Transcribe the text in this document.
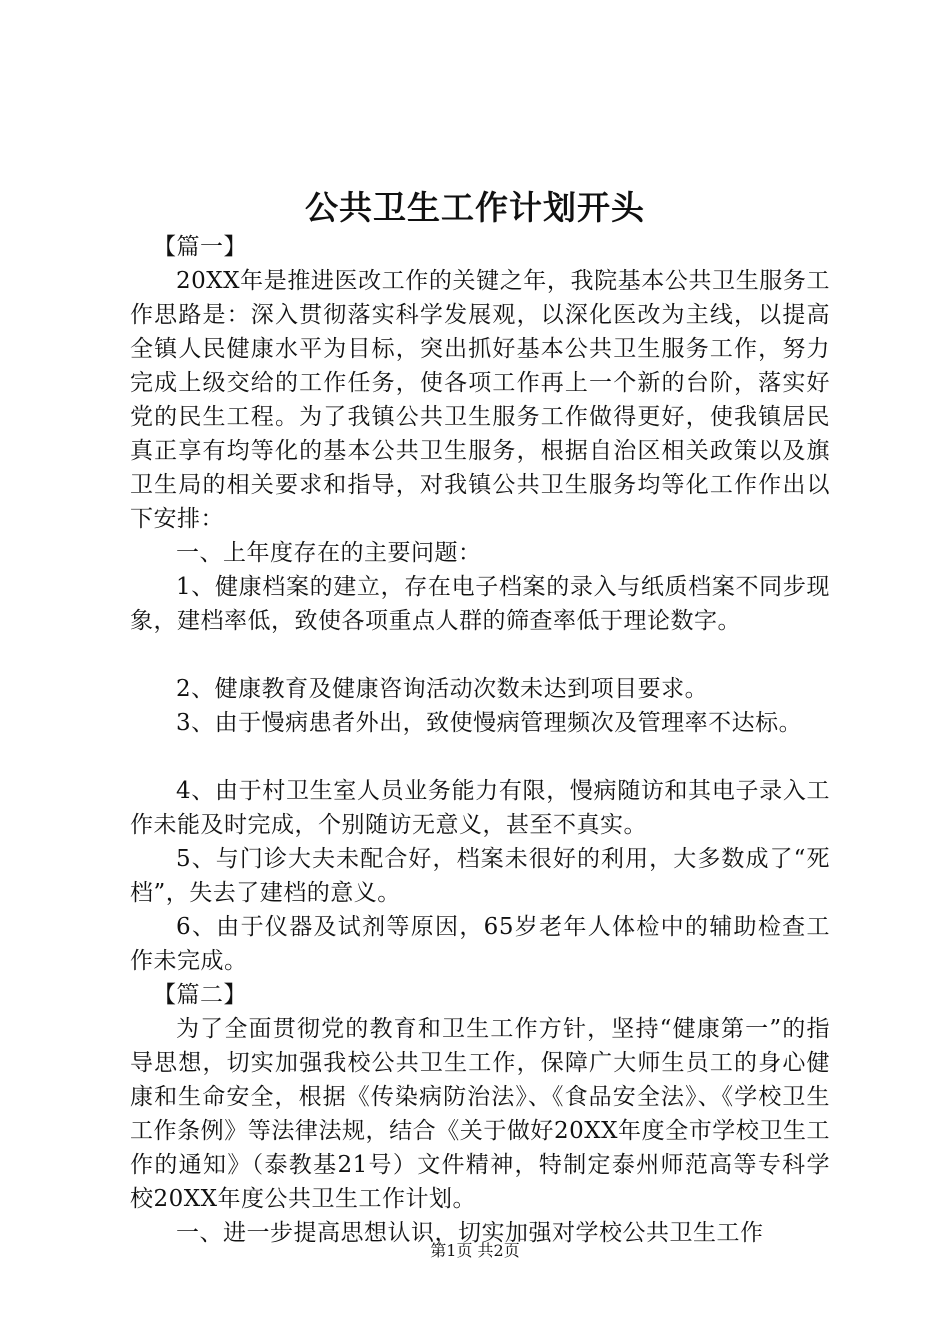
公共卫生工作计划开头

【篇一】

20XX年是推进医改工作的关键之年，我院基本公共卫生服务工作思路是：深入贯彻落实科学发展观，以深化医改为主线，以提高全镇人民健康水平为目标，突出抓好基本公共卫生服务工作，努力完成上级交给的工作任务，使各项工作再上一个新的台阶，落实好党的民生工程。为了我镇公共卫生服务工作做得更好，使我镇居民真正享有均等化的基本公共卫生服务，根据自治区相关政策以及旗卫生局的相关要求和指导，对我镇公共卫生服务均等化工作作出以下安排：

一、上年度存在的主要问题：

1、健康档案的建立，存在电子档案的录入与纸质档案不同步现象，建档率低，致使各项重点人群的筛查率低于理论数字。

2、健康教育及健康咨询活动次数未达到项目要求。

3、由于慢病患者外出，致使慢病管理频次及管理率不达标。

4、由于村卫生室人员业务能力有限，慢病随访和其电子录入工作未能及时完成，个别随访无意义，甚至不真实。

5、与门诊大夫未配合好，档案未很好的利用，大多数成了“死档”，失去了建档的意义。

6、由于仪器及试剂等原因，65岁老年人体检中的辅助检查工作未完成。

【篇二】

为了全面贯彻党的教育和卫生工作方针，坚持“健康第一”的指导思想，切实加强我校公共卫生工作，保障广大师生员工的身心健康和生命安全，根据《传染病防治法》、《食品安全法》、《学校卫生工作条例》等法律法规，结合《关于做好20XX年度全市学校卫生工作的通知》（泰教基21号）文件精神，特制定泰州师范高等专科学校20XX年度公共卫生工作计划。

一、进一步提高思想认识，切实加强对学校公共卫生工作

第1页 共2页
